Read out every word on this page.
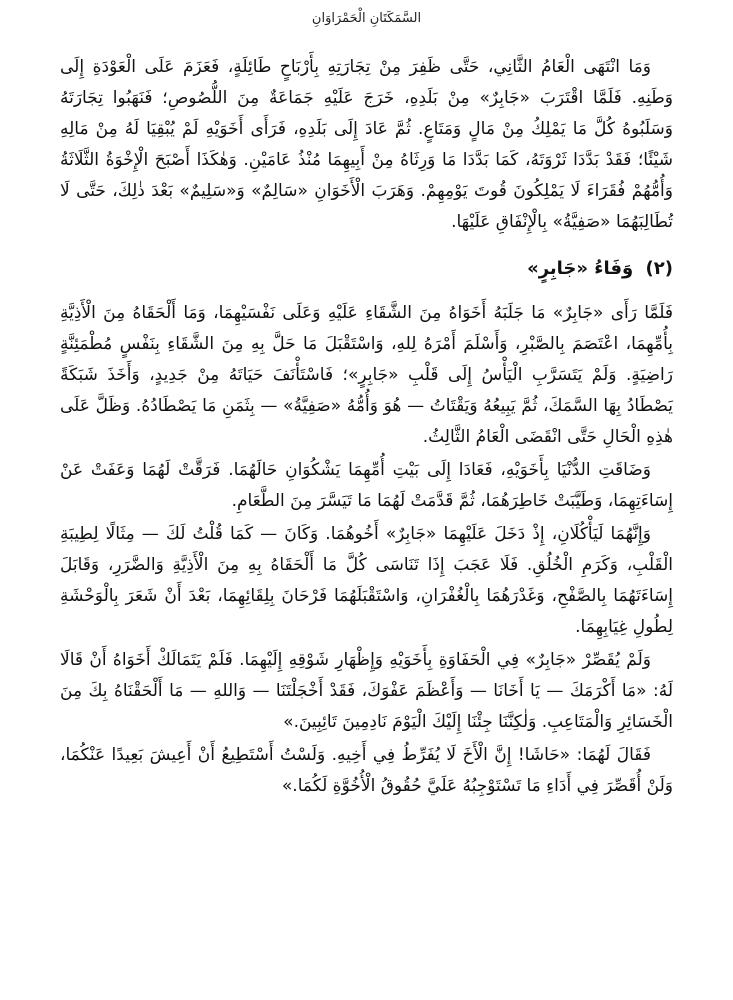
السَّمَكَتَانِ الْحَمْرَاوَانِ

وَمَا انْتَهَى الْعَامُ الثَّانِي، حَتَّى ظَفِرَ مِنْ تِجَارَتِهِ بِأَرْبَاحٍ طَائِلَةٍ، فَعَزَمَ عَلَى الْعَوْدَةِ إِلَى وَطَنِهِ. فَلَمَّا اقْتَرَبَ «جَابِرٌ» مِنْ بَلَدِهِ، خَرَجَ عَلَيْهِ جَمَاعَةٌ مِنَ اللُّصُوصِ؛ فَنَهَبُوا تِجَارَتَهُ وَسَلَبُوهُ كُلَّ مَا يَمْلِكُ مِنْ مَالٍ وَمَتَاعٍ. ثُمَّ عَادَ إِلَى بَلَدِهِ، فَرَأَى أَخَوَيْهِ لَمْ يُبْقِيَا لَهُ مِنْ مَالِهِ شَيْئًا؛ فَقَدْ بَدَّدَا ثَرْوَتَهُ، كَمَا بَدَّدَا مَا وَرِثَاهُ مِنْ أَبِيهِمَا مُنْذُ عَامَيْنِ. وَهٰكَذَا أَصْبَحَ الْإِخْوَةُ الثَّلَاثَةُ وَأُمُّهُمْ فُقَرَاءَ لَا يَمْلِكُونَ قُوتَ يَوْمِهِمْ. وَهَرَبَ الْأَخَوَانِ «سَالِمٌ» وَ«سَلِيمٌ» بَعْدَ ذٰلِكَ، حَتَّى لَا تُطَالِبَهُمَا «صَفِيَّةُ» بِالْإِنْفَاقِ عَلَيْهَا.

(٢) وَفَاءُ «جَابِرٍ»

فَلَمَّا رَأَى «جَابِرٌ» مَا جَلَبَهُ أَخَوَاهُ مِنَ الشَّقَاءِ عَلَيْهِ وَعَلَى نَفْسَيْهِمَا، وَمَا أَلْحَقَاهُ مِنَ الْأَذِيَّةِ بِأُمِّهِمَا، اعْتَصَمَ بِالصَّبْرِ، وَأَسْلَمَ أَمْرَهُ لِلهِ، وَاسْتَقْبَلَ مَا حَلَّ بِهِ مِنَ الشَّقَاءِ بِنَفْسٍ مُطْمَئِنَّةٍ رَاضِيَةٍ. وَلَمْ يَتَسَرَّبِ الْيَأْسُ إِلَى قَلْبِ «جَابِرٍ»؛ فَاسْتَأْنَفَ حَيَاتَهُ مِنْ جَدِيدٍ، وَأَخَذَ شَبَكَةً يَصْطَادُ بِهَا السَّمَكَ، ثُمَّ يَبِيعُهُ وَيَقْتَاتُ — هُوَ وَأُمُّهُ «صَفِيَّةُ» — بِثَمَنِ مَا يَصْطَادُهُ. وَظَلَّ عَلَى هٰذِهِ الْحَالِ حَتَّى انْقَضَى الْعَامُ الثَّالِثُ.

وَضَاقَتِ الدُّنْيَا بِأَخَوَيْهِ، فَعَادَا إِلَى بَيْتِ أُمِّهِمَا يَشْكُوَانِ حَالَهُمَا. فَرَقَّتْ لَهُمَا وَعَفَتْ عَنْ إِسَاءَتِهِمَا، وَطَيَّبَتْ خَاطِرَهُمَا، ثُمَّ قَدَّمَتْ لَهُمَا مَا تَيَسَّرَ مِنَ الطَّعَامِ.

وَإِنَّهُمَا لَيَأْكُلَانِ، إِذْ دَخَلَ عَلَيْهِمَا «جَابِرٌ» أَخُوهُمَا. وَكَانَ — كَمَا قُلْتُ لَكَ — مِثَالًا لِطِيبَةِ الْقَلْبِ، وَكَرَمِ الْخُلُقِ. فَلَا عَجَبَ إِذَا تَنَاسَى كُلَّ مَا أَلْحَقَاهُ بِهِ مِنَ الْأَذِيَّةِ وَالضَّرَرِ، وَقَابَلَ إِسَاءَتَهُمَا بِالصَّفْحِ، وَغَدْرَهُمَا بِالْغُفْرَانِ، وَاسْتَقْبَلَهُمَا فَرْحَانَ بِلِقَائِهِمَا، بَعْدَ أَنْ شَعَرَ بِالْوَحْشَةِ لِطُولِ غِيَابِهِمَا.

وَلَمْ يُقَصِّرْ «جَابِرٌ» فِي الْحَفَاوَةِ بِأَخَوَيْهِ وَإِظْهَارِ شَوْقِهِ إِلَيْهِمَا. فَلَمْ يَتَمَالَكْ أَخَوَاهُ أَنْ قَالَا لَهُ: «مَا أَكْرَمَكَ — يَا أَخَانَا — وَأَعْظَمَ عَفْوَكَ، فَقَدْ أَخْجَلْتَنَا — وَاللهِ — مَا أَلْحَقْنَاهُ بِكَ مِنَ الْخَسَائِرِ وَالْمَتَاعِبِ. وَلٰكِنَّنَا جِئْنَا إِلَيْكَ الْيَوْمَ نَادِمِينَ تَائِبِينَ.»

فَقَالَ لَهُمَا: «حَاشَا! إِنَّ الْأَخَ لَا يُفَرِّطُ فِي أَخِيهِ. وَلَسْتُ أَسْتَطِيعُ أَنْ أَعِيشَ بَعِيدًا عَنْكُمَا، وَلَنْ أُقَصِّرَ فِي أَدَاءِ مَا تَسْتَوْجِبُهُ عَلَيَّ حُقُوقُ الْأُخُوَّةِ لَكُمَا.»
